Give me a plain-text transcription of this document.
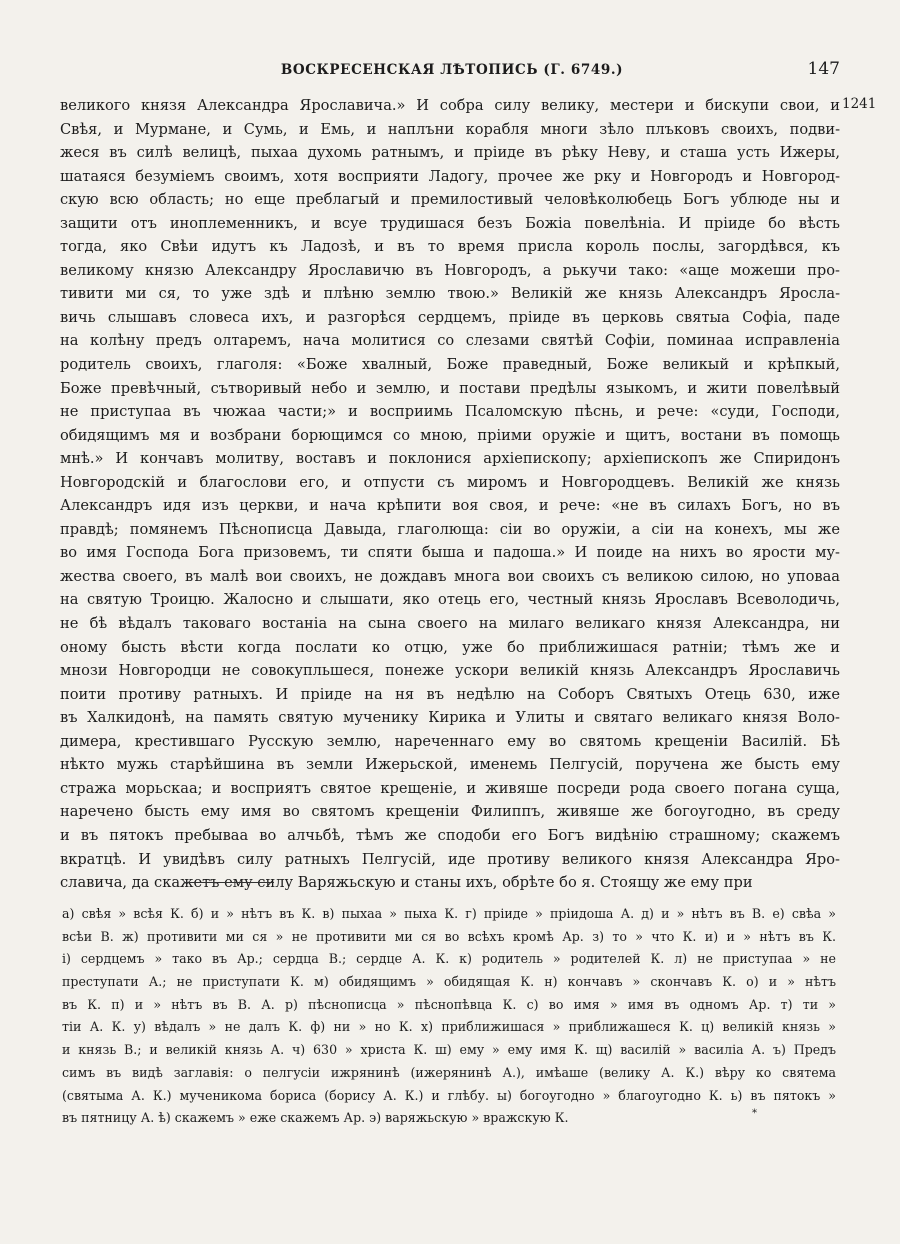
ВОСКРЕСЕНСКАЯ ЛѢТОПИСЬ (Г. 6749.)	147
1241
великого князя Александра Ярославича.» И собра силу велику, местери и бискупи свои, и
Свѣя, и Мурмане, и Сумь, и Емь, и наплъни корабля многи зѣло плъковъ своихъ, подви-
жеся въ силѣ велицѣ, пыхаа духомь ратнымъ, и пріиде въ рѣку Неву, и сташа усть Ижеры,
шатаяся безуміемъ своимъ, хотя восприяти Ладогу, прочее же рку и Новгородъ и Новгород-
скую всю область; но еще преблагый и премилостивый человѣколюбець Богъ ублюде ны и
защити отъ иноплеменникъ, и всуе трудишася безъ Божіа повелѣніа. И пріиде бо вѣсть
тогда, яко Свѣи идутъ къ Ладозѣ, и въ то время присла король послы, загордѣвся, къ
великому князю Александру Ярославичю въ Новгородъ, а рькучи тако: «аще можеши про-
тивити ми ся, то уже здѣ и плѣню землю твою.» Великій же князь Александръ Яросла-
вичь слышавъ словеса ихъ, и разгорѣся сердцемъ, пріиде въ церковь святыа Софіа, паде
на колѣну предъ олтаремъ, нача молитися со слезами святѣй Софіи, поминаа исправленіа
родитель своихъ, глаголя: «Боже хвалный, Боже праведный, Боже великый и крѣпкый,
Боже превѣчный, сътворивый небо и землю, и постави предѣлы языкомъ, и жити повелѣвый
не приступаа въ чюжаа части;» и восприимь Псаломскую пѣснь, и рече: «суди, Господи,
обидящимъ мя и возбрани борющимся со мною, пріими оружіе и щитъ, востани въ помощь
мнѣ.» И кончавъ молитву, воставъ и поклонися архіепископу; архіепископъ же Спиридонъ
Новгородскій и благослови его, и отпусти съ миромъ и Новгородцевъ. Великій же князь
Александръ идя изъ церкви, и нача крѣпити воя своя, и рече: «не въ силахъ Богъ, но въ
правдѣ; помянемъ Пѣснописца Давыда, глаголюща: сіи во оружіи, а сіи на конехъ, мы же
во имя Господа Бога призовемъ, ти спяти быша и падоша.» И поиде на нихъ во ярости му-
жества своего, въ малѣ вои своихъ, не дождавъ многа вои своихъ съ великою силою, но уповаа
на святую Троицю. Жалосно и слышати, яко отець его, честный князь Ярославъ Всеволодичь,
не бѣ вѣдалъ таковаго востаніа на сына своего на милаго великаго князя Александра, ни
оному бысть вѣсти когда послати ко отцю, уже бо приближишася ратніи; тѣмъ же и
мнози Новгородци не совокупльшеся, понеже ускори великій князь Александръ Ярославичь
поити противу ратныхъ. И пріиде на ня въ недѣлю на Соборъ Святыхъ Отець 630, иже
въ Халкидонѣ, на память святую мученику Кирика и Улиты и святаго великаго князя Воло-
димера, крестившаго Русскую землю, нареченнаго ему во святомь крещеніи Василій. Бѣ
нѣкто мужь старѣйшина въ земли Ижерьской, именемь Пелгусій, поручена же бысть ему
стража морьскаа; и восприятъ святое крещеніе, и живяше посреди рода своего погана суща,
наречено бысть ему имя во святомъ крещеніи Филиппъ, живяше же богоугодно, въ среду
и въ пятокъ пребываа во алчьбѣ, тѣмъ же сподоби его Богъ видѣнію страшному; скажемъ
вкратцѣ. И увидѣвъ силу ратныхъ Пелгусій, иде противу великого князя Александра Яро-
славича, да скажетъ ему силу Варяжьскую и станы ихъ, обрѣте бо я. Стоящу же ему при
а) свѣя » всѣя К. б) и » нѣтъ въ К. в) пыхаа » пыха К. г) пріиде » пріидоша А. д) и » нѣтъ въ В. е) свѣа »
всѣи В. ж) противити ми ся » не противити ми ся во всѣхъ кромѣ Ар. з) то » что К. и) и » нѣтъ въ К.
і) сердцемъ » тако въ Ар.; сердца В.; сердце А. К. к) родитель » родителей К. л) не приступаа » не
преступати А.; не приступати К. м) обидящимъ » обидящая К. н) кончавъ » скончавъ К. о) и » нѣтъ
въ К. п) и » нѣтъ въ В. А. р) пѣснописца » пѣснопѣвца К. с) во имя » имя въ одномъ Ар. т) ти »
тіи А. К. у) вѣдалъ » не далъ К. ф) ни » но К. х) приближишася » приближашеся К. ц) великій князь »
и князь В.; и великій князь А. ч) 630 » христа К. ш) ему » ему имя К. щ) василій » василіа А. ъ) Предъ
симъ въ видѣ заглавія: о пелгусіи ижрянинѣ (ижерянинѣ А.), имѣаше (велику А. К.) вѣру ко святема
(святыма А. К.) мученикома бориса (борису А. К.) и глѣбу. ы) богоугодно » благоугодно К. ь) въ пятокъ »
въ пятницу А. ѣ) скажемъ » еже скажемъ Ар. э) варяжьскую » вражскую К.	*
